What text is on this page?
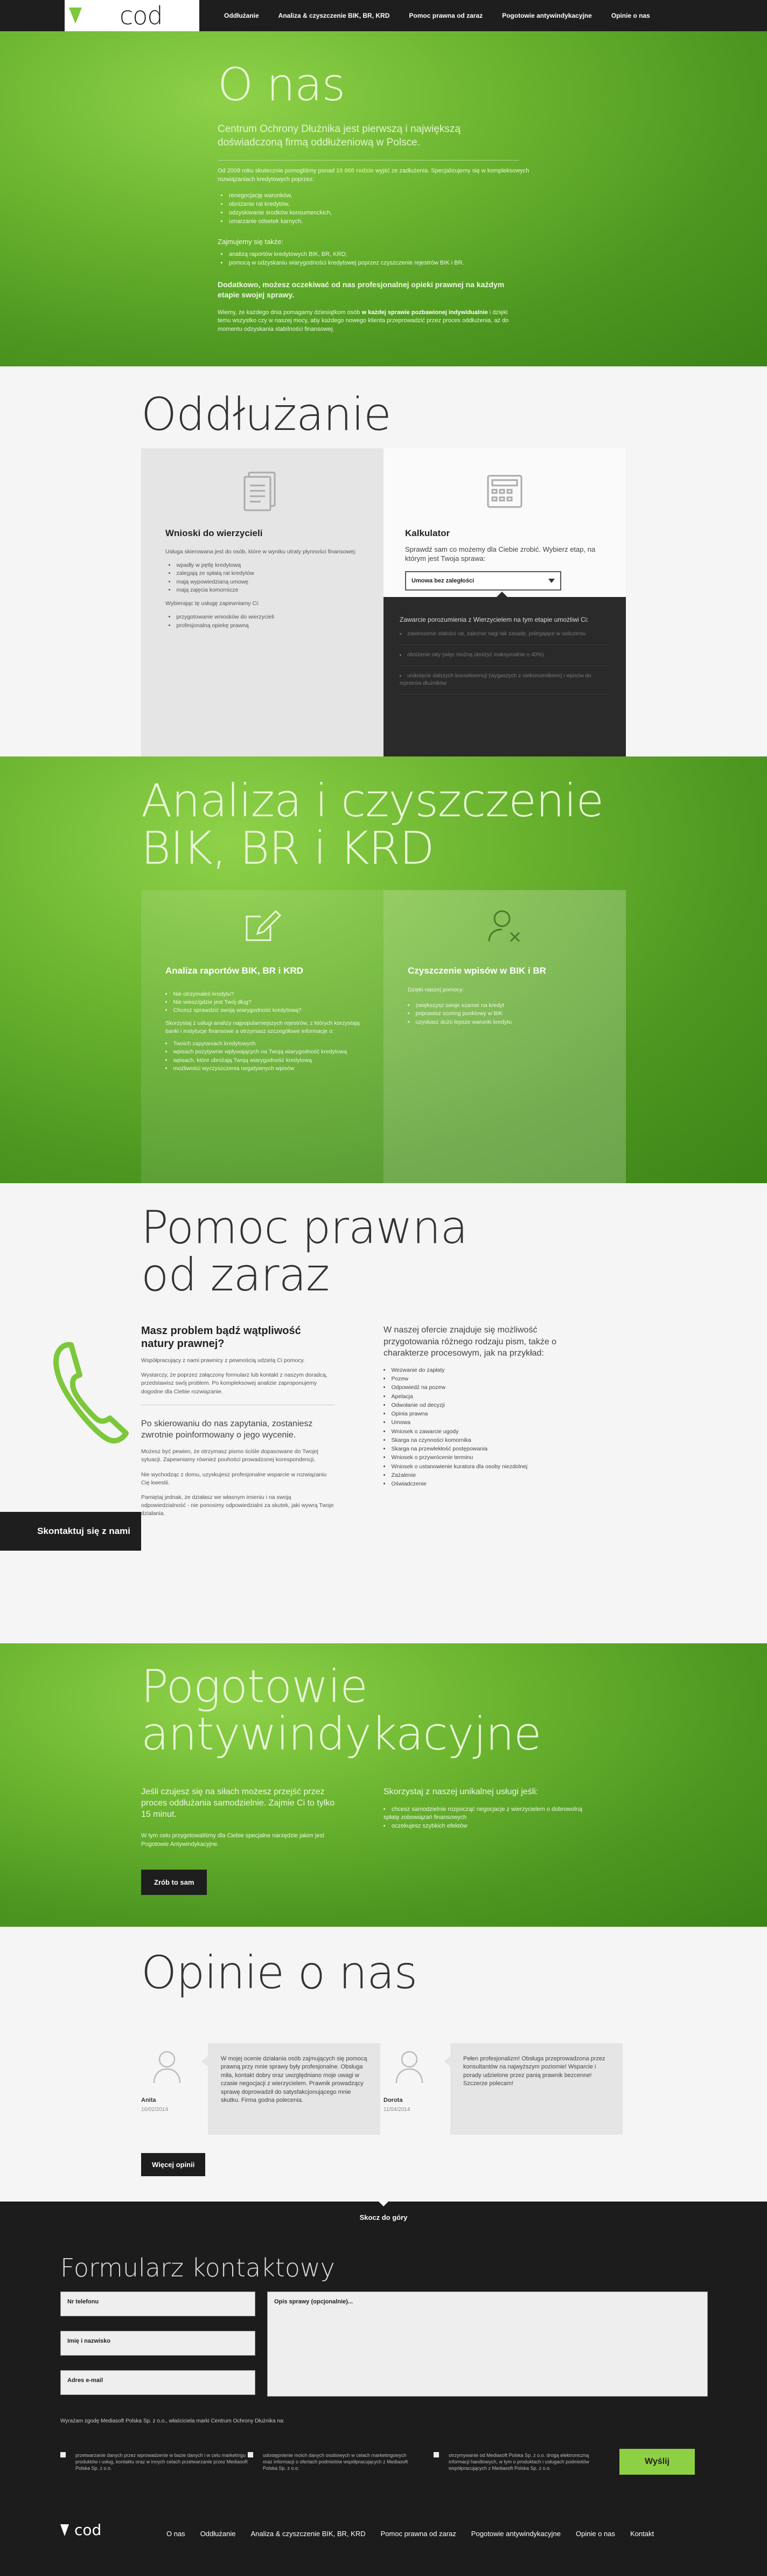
cod	Oddłużanie	Analiza & czyszczenie BIK, BR, KRD	Pomoc prawna od zaraz	Pogotowie antywindykacyjne	Opinie o nas
O nas
Centrum Ochrony Dłużnika jest pierwszą i największą doświadczoną firmą oddłużeniową w Polsce.

Od 2009 roku skutecznie pomogliśmy ponad 10 000 rodzin wyjść ze zadłużenia. Specjalizujemy się w kompleksowych rozwiązaniach kredytowych poprzez:

• renegocjację warunków,
• obniżanie rat kredytów,
• odzyskiwanie środków konsumenckich,
• umarzanie odsetek karnych.

Zajmujemy się także:

• analizą raportów kredytowych BIK, BR, KRD;
• pomocą w odzyskaniu wiarygodności kredytowej poprzez czyszczenie rejestrów BIK i BR.

Dodatkowo, możesz oczekiwać od nas profesjonalnej opieki prawnej na każdym etapie swojej sprawy.

Wiemy, że każdego dnia pomagamy dziesiątkom osób w każdej sprawie pozbawionej indywidualnie i dzięki temu wszystko czy w naszej mocy, aby każdego nowego klienta przeprowadzić przez proces oddłużenia, aż do momentu odzyskania stabilności finansowej.

Oddłużanie
Wnioski do wierzycieli

Usługa skierowana jest do osób, które w wyniku utraty płynności finansowej:

• wpadły w pętlę kredytową
• zalegają ze spłatą rat kredytów
• mają wypowiedzianą umowę
• mają zajęcia komornicze

Wybierając tę usługę zapewniamy Ci:

• przygotowanie wniosków do wierzycieli
• profesjonalną opiekę prawną
Kalkulator

Sprawdź sam co możemy dla Ciebie zrobić. Wybierz etap, na którym jest Twoja sprawa:

Umowa bez zaległości

Zawarcie porozumienia z Wierzycielem na tym etapie umożliwi Ci:

• zawieszenie stałości rat, zależnie nagi tak zasadę, polegające w ooliczeniu
• obniżenie raty (więc możną obniżyć maksymalnie o 40%)
• uniknięcie dalszych konsekwencji (wygaszych z niekomornikiem) i wpisów do rejestrów dłużników
Analiza i czyszczenie
BIK, BR i KRD
Analiza raportów BIK, BR i KRD
• Nie otrzymałeś kredytu?
• Nie wiesz/gdzie jest Twój dług?
• Chcesz sprawdzić swoją wiarygodność kredytową?

Skorzystaj z usługi analizy najpopularniejszych rejestrów, z których korzystają banki i instytucje finansowe a otrzymasz szczegółowe informacje o:

• Twoich zapytaniach kredytowych
• wpisach pozytywnie wpływających na Twoją wiarygodność kredytową
• wpisach, które obniżają Twoją wiarygodność kredytową
• możliwości wyczyszczenia negatywnych wpisów
Czyszczenie wpisów w BIK i BR

Dzięki naszej pomocy:

• zwiększysz swoje szanse na kredyt
• poprawisz scoring punktowy w BIK
• uzyskasz dużo lepsze warunki kredytu
Pomoc prawna
od zaraz
Skontaktuj się z nami
Masz problem bądź wątpliwość natury prawnej?

Współpracujący z nami prawnicy z pewnością udzielą Ci pomocy.

Wystarczy, że poprzez załączony formularz lub kontakt z naszym doradcą, przedstawisz swój problem. Po kompleksowej analizie zaproponujemy dogodne dla Ciebie rozwiązanie.

Po skierowaniu do nas zapytania, zostaniesz zwrotnie poinformowany o jego wycenie.

Możesz być pewien, że otrzymasz pismo ściśle dopasowane do Twojej sytuacji. Zapewniamy również pouhości prowadzonej korespondencji.

Nie wychodząc z domu, uzyskujesz profesjonalne wsparcie w rozwiązaniu Cię kwestii.

Pamiętaj jednak, że działasz we własnym imieniu i na swoją odpowiedzialność - nie ponosimy odpowiedzialni za skutek, jaki wywrą Twoje działania.

W naszej ofercie znajduje się możliwość przygotowania różnego rodzaju pism, także o charakterze procesowym, jak na przykład:

• Wezwanie do zapłaty
• Pozew
• Odpowiedź na pozew
• Apelacja
• Odwołanie od decyzji
• Opinia prawna
• Umowa
• Wniosek o zawarcie ugody
• Skarga na czynności komornika
• Skarga na przewlekłość postępowania
• Wniosek o przywrócenie terminu
• Wniosek o ustanowienie kuratora dla osoby niezdolnej
• Zażalenie
• Oświadczenie
Pogotowie
antywindykacyjne

Jeśli czujesz się na siłach możesz przejść przez proces oddłużania samodzielnie. Zajmie Ci to tylko 15 minut.

W tym celu przygotowaliśmy dla Ciebie specjalne narzędzie jakim jest Pogotowie Antywindykacyjne.

Skorzystaj z naszej unikalnej usługi jeśli:

• chcesz samodzielnie rozpocząć negocjacje z wierzycielem o dobrowolną spłatę zobowiązań finansowych
• oczekujesz szybkich efektów
Zrób to sam
Opinie o nas
Anita
16/02/2014
W mojej ocenie działania osób zajmujących się pomocą prawną przy mnie sprawy były profesjonalne. Obsługa miła, kontakt dobry oraz uwzględniano moje uwagi w czasie negocjacji z wierzycielem. Prawnik prowadzący sprawę doprowadził do satysfakcjonującego mnie skutku. Firma godna polecenia.	Dorota
11/04/2014
Pełen profesjonalizm! Obsługa przeprowadzona przez konsultantów na najwyższym poziomie! Wsparcie i porady udzielone przez panią prawnik bezcenne! Szczerze polecam!
Więcej opinii
Skocz do góry
Formularz kontaktowy
Nr telefonu
Imię i nazwisko
Adres e-mail
Opis sprawy (opcjonalnie)...
Wyrażam zgodę Mediasoft Polska Sp. z o.o., właściciela marki Centrum Ochrony Dłużnika na:
przetwarzanie danych przez wprowadzenie w bazie danych i w celu marketingu produktów i usług, kontaktu oraz w innych celach przetwarzanie przez Mediasoft Polska Sp. z o.o.
udostępnienie moich danych osobowych w celach marketingowych oraz informacji o ofertach podmiotów współpracujących z Mediasoft Polska Sp. z o.o.
otrzymywanie od Mediasoft Polska Sp. z o.o. drogą elektroniczną informacji handlowych, w tym o produktach i usługach podmiotów współpracujących z Mediasoft Polska Sp. z o.o.
Wyślij
cod	O nas	Oddłużanie	Analiza & czyszczenie BIK, BR, KRD	Pomoc prawna od zaraz	Pogotowie antywindykacyjne	Opinie o nas	Kontakt
